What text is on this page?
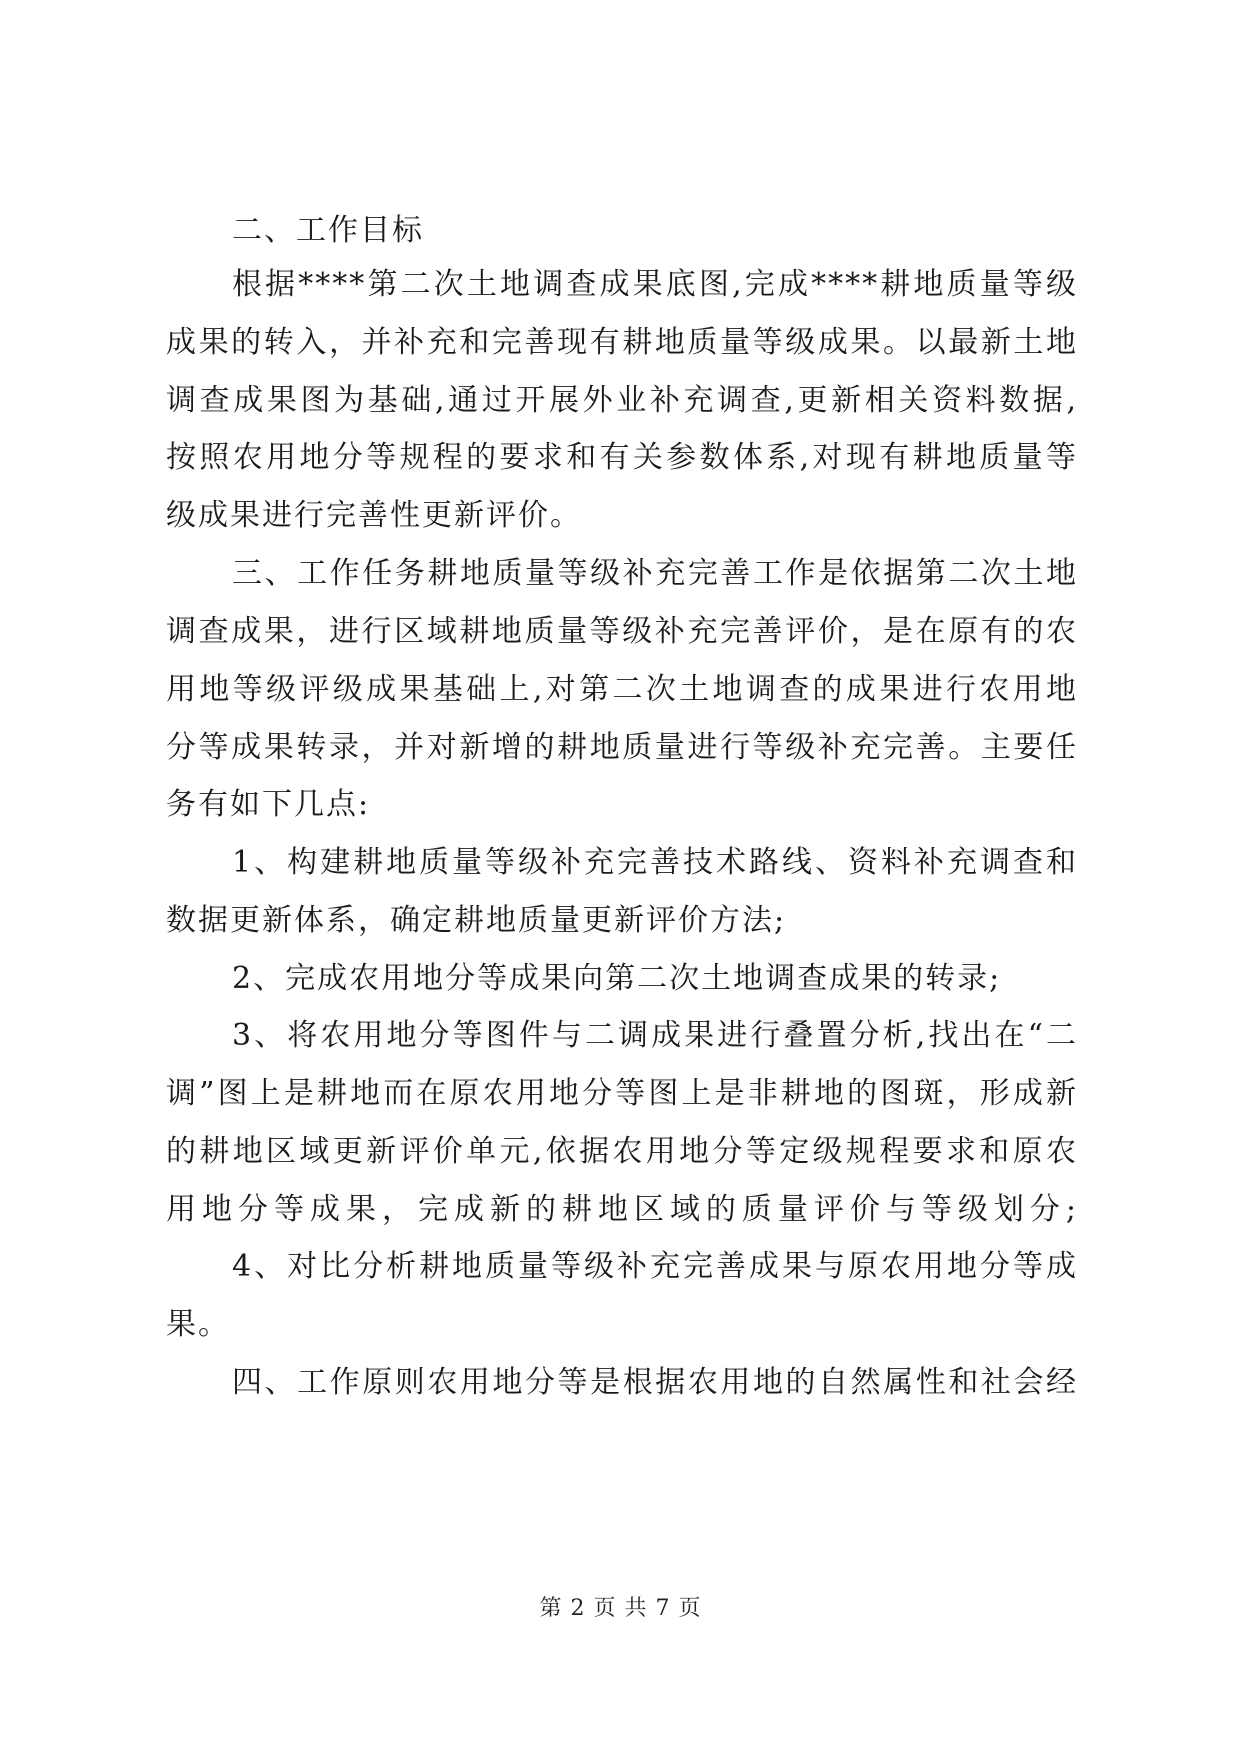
二、工作目标
根据****第二次土地调查成果底图,完成****耕地质量等级
成果的转入，并补充和完善现有耕地质量等级成果。以最新土地
调查成果图为基础,通过开展外业补充调查,更新相关资料数据,
按照农用地分等规程的要求和有关参数体系,对现有耕地质量等
级成果进行完善性更新评价。
三、工作任务耕地质量等级补充完善工作是依据第二次土地
调查成果，进行区域耕地质量等级补充完善评价，是在原有的农
用地等级评级成果基础上,对第二次土地调查的成果进行农用地
分等成果转录，并对新增的耕地质量进行等级补充完善。主要任
务有如下几点:
1、构建耕地质量等级补充完善技术路线、资料补充调查和
数据更新体系，确定耕地质量更新评价方法;
2、完成农用地分等成果向第二次土地调查成果的转录;
3、将农用地分等图件与二调成果进行叠置分析,找出在“二
调”图上是耕地而在原农用地分等图上是非耕地的图斑，形成新
的耕地区域更新评价单元,依据农用地分等定级规程要求和原农
用地分等成果，完成新的耕地区域的质量评价与等级划分;
4、对比分析耕地质量等级补充完善成果与原农用地分等成
果。
四、工作原则农用地分等是根据农用地的自然属性和社会经
第 2 页 共 7 页
